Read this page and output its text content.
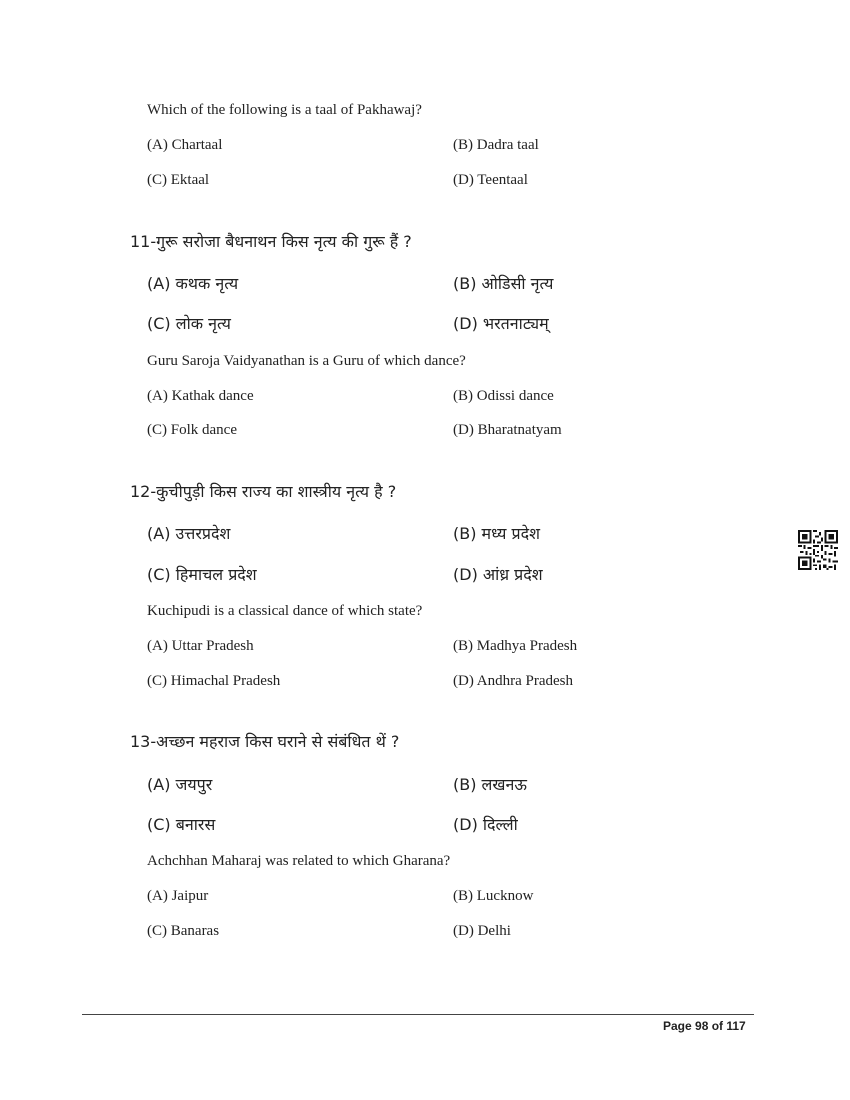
Which of the following is a taal of Pakhawaj?
(A) Chartaal	(B) Dadra taal
(C) Ektaal	(D) Teentaal
11-गुरू सरोजा बैधनाथन किस नृत्य की गुरू हैं ?
(A) कथक नृत्य	(B) ओडिसी नृत्य
(C) लोक नृत्य	(D) भरतनाट्यम्
Guru Saroja Vaidyanathan is a Guru of which dance?
(A) Kathak dance	(B) Odissi dance
(C) Folk dance	(D) Bharatnatyam
12-कुचीपुड़ी किस राज्य का शास्त्रीय नृत्य है ?
(A) उत्तरप्रदेश	(B) मध्य प्रदेश
(C) हिमाचल प्रदेश	(D) आंध्र प्रदेश
Kuchipudi is a classical dance of which state?
(A) Uttar Pradesh	(B) Madhya Pradesh
(C) Himachal Pradesh	(D) Andhra Pradesh
13-अच्छन महराज किस घराने से संबंधित थें ?
(A) जयपुर	(B) लखनऊ
(C) बनारस	(D) दिल्ली
Achchhan Maharaj was related to which Gharana?
(A) Jaipur	(B) Lucknow
(C) Banaras	(D) Delhi
Page 98 of 117
